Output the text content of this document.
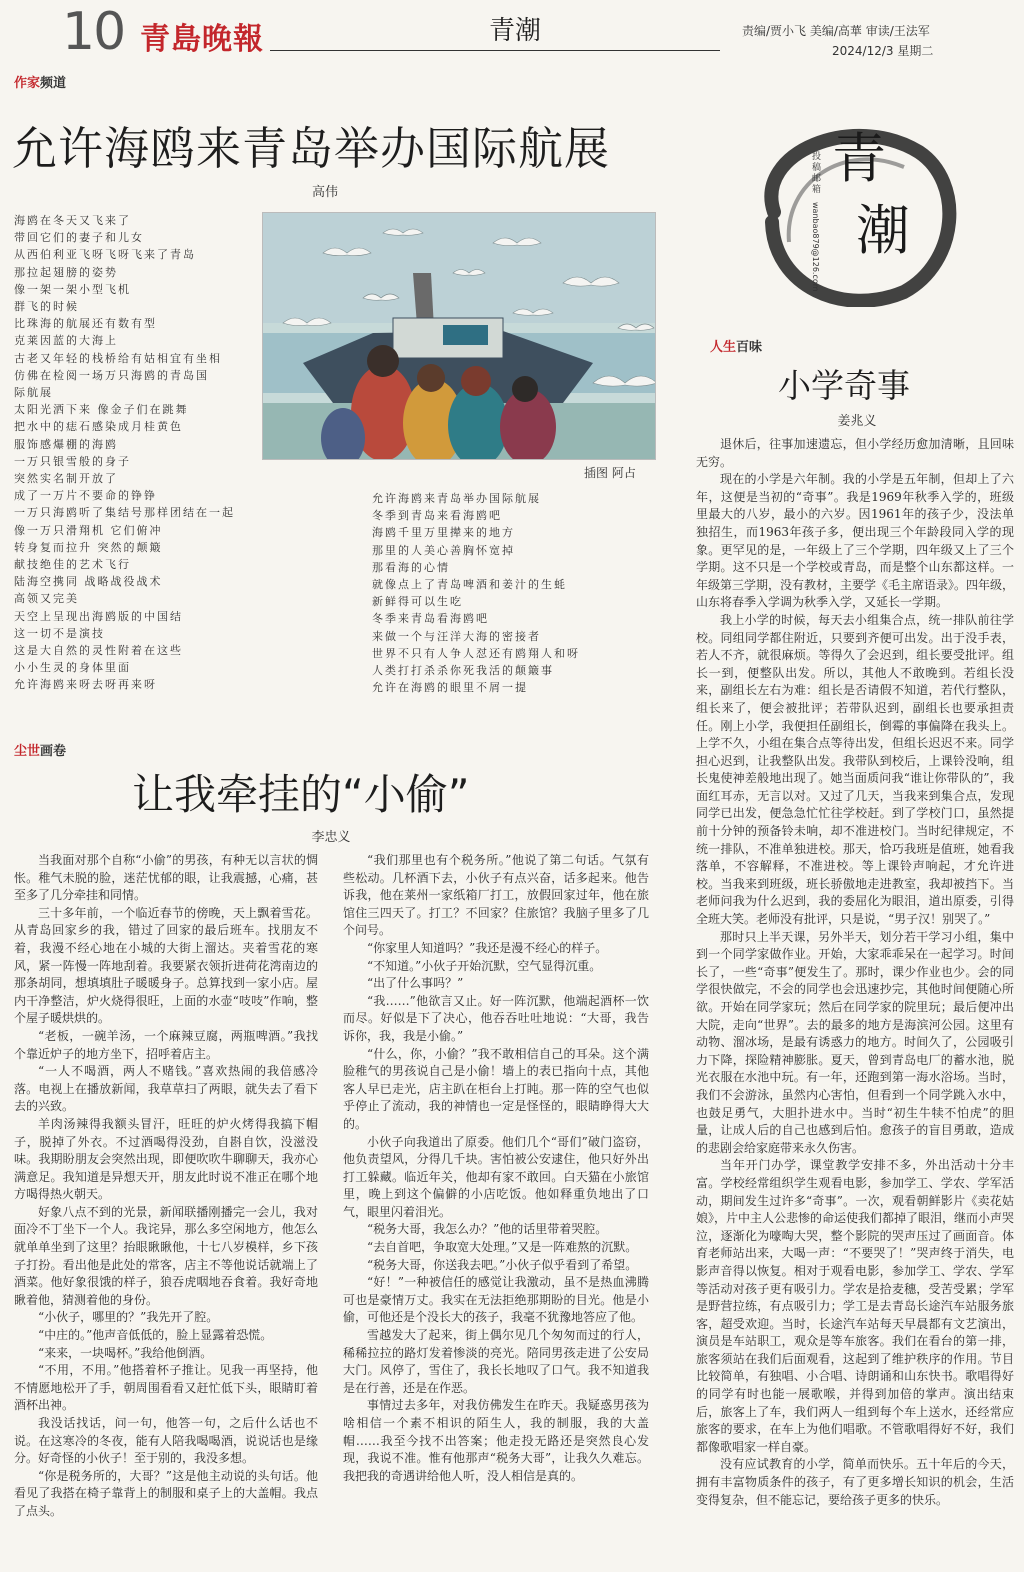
10 青島晚報	青潮	责编/贾小飞 美编/高華 审读/王法军
2024/12/3 星期二
作家频道
允许海鸥来青岛举办国际航展
高伟
海鸥在冬天又飞来了
带回它们的妻子和儿女
从西伯利亚飞呀飞呀飞来了青岛
那拉起翅膀的姿势
像一架一架小型飞机
群飞的时候
比珠海的航展还有数有型
克莱因蓝的大海上
古老又年轻的栈桥给有姑相宜有坐相
仿佛在检阅一场万只海鸥的青岛国
际航展
太阳光洒下来 像金子们在跳舞
把水中的痣石感染成月桂黄色
服饰感爆棚的海鸥
一万只银雪般的身子
突然实名制开放了
成了一万片不要命的铮铮
一万只海鸥听了集结号那样团结在一起
像一万只滑翔机 它们俯冲
转身复而拉升 突然的颠簸
献技绝佳的艺术飞行
陆海空携同 战略战役战术
高领又完美
天空上呈现出海鸥版的中国结
这一切不是演技
这是大自然的灵性附着在这些
小小生灵的身体里面
允许海鸥来呀去呀再来呀
插图 阿占
允许海鸥来青岛举办国际航展
冬季到青岛来看海鸥吧
海鸥千里万里撵来的地方
那里的人美心善胸怀宽掉
那看海的心情
就像点上了青岛啤酒和姜汁的生蚝
新鲜得可以生吃
冬季来青岛看海鸥吧
来做一个与汪洋大海的密接者
世界不只有人争人怼还有鸥翔人和呀
人类打打杀杀你死我活的颠簸事
允许在海鸥的眼里不屑一提
青
潮
投稿邮箱
wanbao879@126.com
尘世画卷
让我牵挂的“小偷”
李忠义

当我面对那个自称“小偷”的男孩，有种无以言状的惆怅。稚气未脱的脸，迷茫忧郁的眼，让我震撼，心痛，甚至多了几分牵挂和同情。

三十多年前，一个临近春节的傍晚，天上飘着雪花。从青岛回家乡的我，错过了回家的最后班车。找朋友不着，我漫不经心地在小城的大街上溜达。夹着雪花的寒风，紧一阵慢一阵地刮着。我要紧衣领折进荷花湾南边的那条胡同，想填填肚子暖暖身子。总算找到一家小店。屋内干净整洁，炉火烧得很旺，上面的水壶“吱吱”作响，整个屋子暖烘烘的。

“老板，一碗羊汤，一个麻辣豆腐，两瓶啤酒。”我找个靠近炉子的地方坐下，招呼着店主。

“一人不喝酒，两人不赌钱。”喜欢热闹的我倍感冷落。电视上在播放新闻，我草草扫了两眼，就失去了看下去的兴致。

羊肉汤辣得我额头冒汗，旺旺的炉火烤得我搞下帽子，脱掉了外衣。不过酒喝得没劲，自斟自饮，没滋没味。我期盼朋友会突然出现，即便吹吹牛聊聊天，我亦心满意足。我知道是异想天开，朋友此时说不准正在哪个地方喝得热火朝天。

好象八点不到的光景，新闻联播刚播完一会儿，我对面冷不丁坐下一个人。我诧异，那么多空闲地方，他怎么就单单坐到了这里？抬眼瞅瞅他，十七八岁模样，乡下孩子打扮。看出他是此处的常客，店主不等他说话就端上了酒菜。他好象很饿的样子，狼吞虎咽地吞食着。我好奇地瞅着他，猜测着他的身份。

“小伙子，哪里的？”我先开了腔。

“中庄的。”他声音低低的，脸上显露着恐慌。

“来来，一块喝杯。”我给他倒酒。

“不用，不用。”他搭着杯子推让。见我一再坚持，他不情愿地松开了手，朝周围看看又赶忙低下头，眼睛盯着酒杯出神。

我没话找话，问一句，他答一句，之后什么话也不说。在这寒冷的冬夜，能有人陪我喝喝酒，说说话也是缘分。好奇怪的小伙子！至于别的，我没多想。

“你是税务所的，大哥？”这是他主动说的头句话。他看见了我搭在椅子靠背上的制服和桌子上的大盖帽。我点了点头。

“我们那里也有个税务所。”他说了第二句话。气氛有些松动。几杯酒下去，小伙子有点兴奋，话多起来。他告诉我，他在莱州一家纸箱厂打工，放假回家过年，他在旅馆住三四天了。打工？不回家？住旅馆？我脑子里多了几个问号。

“你家里人知道吗？”我还是漫不经心的样子。

“不知道。”小伙子开始沉默，空气显得沉重。

“出了什么事吗？”

“我……”他欲言又止。好一阵沉默，他端起酒杯一饮而尽。好似是下了决心，他吞吞吐吐地说：“大哥，我告诉你，我，我是小偷。”

“什么，你，小偷？”我不敢相信自己的耳朵。这个满脸稚气的男孩说自己是小偷！墙上的表已指向十点，其他客人早已走光，店主趴在柜台上打盹。那一阵的空气也似乎停止了流动，我的神情也一定是怪怪的，眼睛睁得大大的。

小伙子向我道出了原委。他们几个“哥们”破门盗窃，他负责望风，分得几千块。害怕被公安逮住，他只好外出打工躲藏。临近年关，他却有家不敢回。白天猫在小旅馆里，晚上到这个偏僻的小店吃饭。他如释重负地出了口气，眼里闪着泪光。

“税务大哥，我怎么办？”他的话里带着哭腔。

“去自首吧，争取宽大处理。”又是一阵难熬的沉默。

“税务大哥，你送我去吧。”小伙子似乎看到了希望。

“好！”一种被信任的感觉让我激动，虽不是热血沸腾可也是豪情万丈。我实在无法拒绝那期盼的目光。他是小偷，可他还是个没长大的孩子，我毫不犹豫地答应了他。

雪越发大了起来，街上偶尔见几个匆匆而过的行人，稀稀拉拉的路灯发着惨淡的亮光。陪同男孩走进了公安局大门。风停了，雪住了，我长长地叹了口气。我不知道我是在行善，还是在作恶。

事情过去多年，对我仿佛发生在昨天。我疑惑男孩为啥相信一个素不相识的陌生人，我的制服，我的大盖帽……我至今找不出答案；他走投无路还是突然良心发现，我说不准。惟有他那声“税务大哥”，让我久久难忘。我把我的奇遇讲给他人听，没人相信是真的。

人生百味
小学奇事
姜兆义

退休后，往事加速遗忘，但小学经历愈加清晰，且回味无穷。

现在的小学是六年制。我的小学是五年制，但却上了六年，这便是当初的“奇事”。我是1969年秋季入学的，班级里最大的八岁，最小的六岁。因1961年的孩子少，没法单独招生，而1963年孩子多，便出现三个年龄段同入学的现象。更罕见的是，一年级上了三个学期，四年级又上了三个学期。这不只是一个学校或青岛，而是整个山东都这样。一年级第三学期，没有教材，主要学《毛主席语录》。四年级，山东将春季入学调为秋季入学，又延长一学期。

我上小学的时候，每天去小组集合点，统一排队前往学校。同组同学都住附近，只要到齐便可出发。出于没手表，若人不齐，就很麻烦。等得久了会迟到，组长要受批评。组长一到，便整队出发。所以，其他人不敢晚到。若组长没来，副组长左右为难：组长是否请假不知道，若代行整队，组长来了，便会被批评；若带队迟到，副组长也要承担责任。刚上小学，我便担任副组长，倒霉的事偏降在我头上。上学不久，小组在集合点等待出发，但组长迟迟不来。同学担心迟到，让我整队出发。我带队到校后，上课铃没响，组长鬼使神差般地出现了。她当面质问我“谁让你带队的”，我面红耳赤，无言以对。又过了几天，当我来到集合点，发现同学已出发，便急急忙忙往学校赶。到了学校门口，虽然提前十分钟的预备铃未响，却不准进校门。当时纪律规定，不统一排队，不准单独进校。那天，恰巧我班是值班，她看我落单，不容解释，不准进校。等上课铃声响起，才允许进校。当我来到班级，班长骄傲地走进教室，我却被挡下。当老师问我为什么迟到，我的委屈化为眼泪，道出原委，引得全班大笑。老师没有批评，只是说，“男子汉！别哭了。”

那时只上半天课，另外半天，划分若干学习小组，集中到一个同学家做作业。开始，大家乖乖呆在一起学习。时间长了，一些“奇事”便发生了。那时，课少作业也少。会的同学很快做完，不会的同学也会迅速抄完，其他时间便随心所欲。开始在同学家玩；然后在同学家的院里玩；最后便冲出大院，走向“世界”。去的最多的地方是海滨河公园。这里有动物、溜冰场，是最有诱惑力的地方。时间久了，公园吸引力下降，探险精神膨胀。夏天，曾到青岛电厂的蓄水池，脱光衣服在水池中玩。有一年，还跑到第一海水浴场。当时，我们不会游泳，虽然内心害怕，但看到一个同学跳入水中，也鼓足勇气，大胆扑进水中。当时“初生牛犊不怕虎”的胆量，让成人后的自己也感到后怕。愈孩子的盲目勇敢，造成的悲剧会给家庭带来永久伤害。

当年开门办学，课堂教学安排不多，外出活动十分丰富。学校经常组织学生观看电影，参加学工、学农、学军活动，期间发生过许多“奇事”。一次，观看朝鲜影片《卖花姑娘》，片中主人公悲惨的命运使我们都掉了眼泪，继而小声哭泣，逐渐化为嚎啕大哭，整个影院的哭声压过了画面音。体育老师站出来，大喝一声：“不要哭了！”哭声终于消失，电影声音得以恢复。相对于观看电影，参加学工、学农、学军等活动对孩子更有吸引力。学农是拾麦穗，受苦受累；学军是野营拉练，有点吸引力；学工是去青岛长途汽车站服务旅客，超受欢迎。当时，长途汽车站每天早晨都有文艺演出，演员是车站职工，观众是等车旅客。我们在看台的第一排，旅客须站在我们后面观看，这起到了维护秩序的作用。节目比较简单，有独唱、小合唱、诗朗诵和山东快书。歌唱得好的同学有时也能一展歌喉，并得到加倍的掌声。演出结束后，旅客上了车，我们两人一组到每个车上送水，还经常应旅客的要求，在车上为他们唱歌。不管歌唱得好不好，我们都像歌唱家一样自豪。

没有应试教育的小学，简单而快乐。五十年后的今天，拥有丰富物质条件的孩子，有了更多增长知识的机会，生活变得复杂，但不能忘记，要给孩子更多的快乐。
